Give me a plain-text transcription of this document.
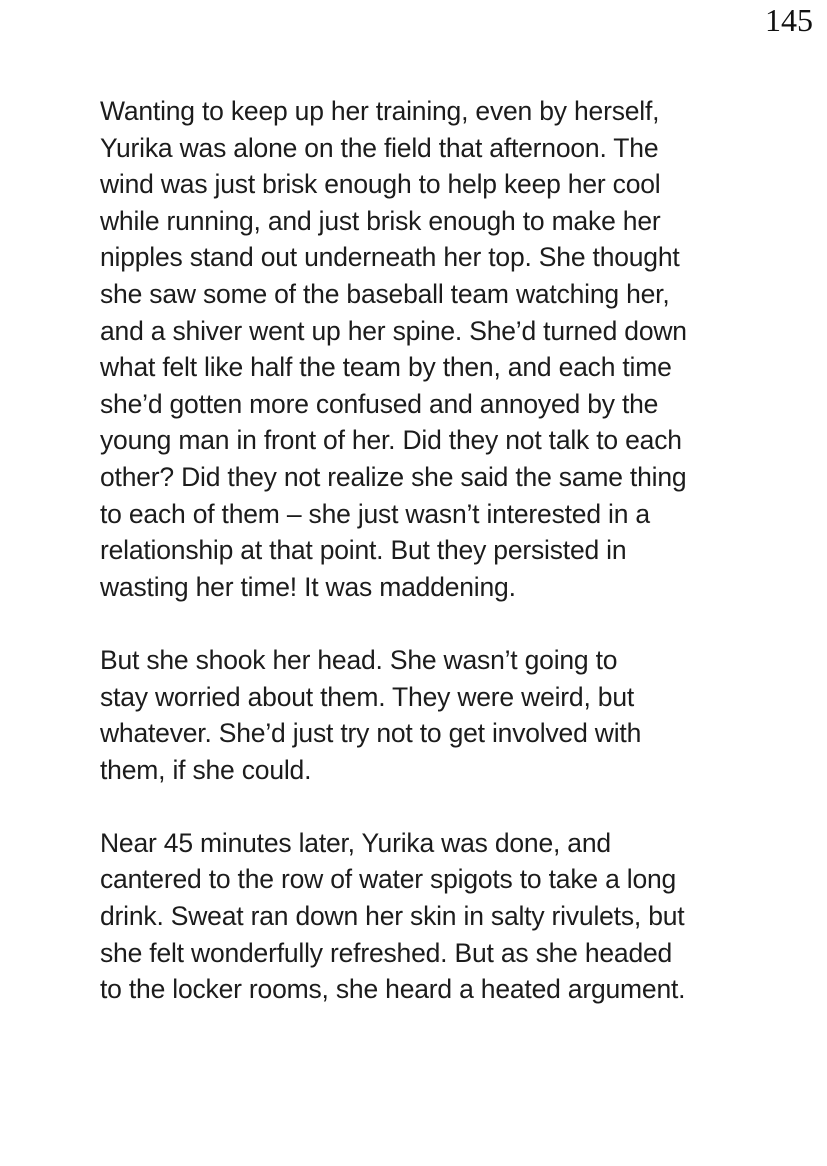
145
Wanting to keep up her training, even by herself,
Yurika was alone on the field that afternoon. The
wind was just brisk enough to help keep her cool
while running, and just brisk enough to make her
nipples stand out underneath her top. She thought
she saw some of the baseball team watching her,
and a shiver went up her spine. She’d turned down
what felt like half the team by then, and each time
she’d gotten more confused and annoyed by the
young man in front of her. Did they not talk to each
other? Did they not realize she said the same thing
to each of them – she just wasn’t interested in a
relationship at that point. But they persisted in
wasting her time! It was maddening.
But she shook her head. She wasn’t going to
stay worried about them. They were weird, but
whatever. She’d just try not to get involved with
them, if she could.
Near 45 minutes later, Yurika was done, and
cantered to the row of water spigots to take a long
drink. Sweat ran down her skin in salty rivulets, but
she felt wonderfully refreshed. But as she headed
to the locker rooms, she heard a heated argument.
